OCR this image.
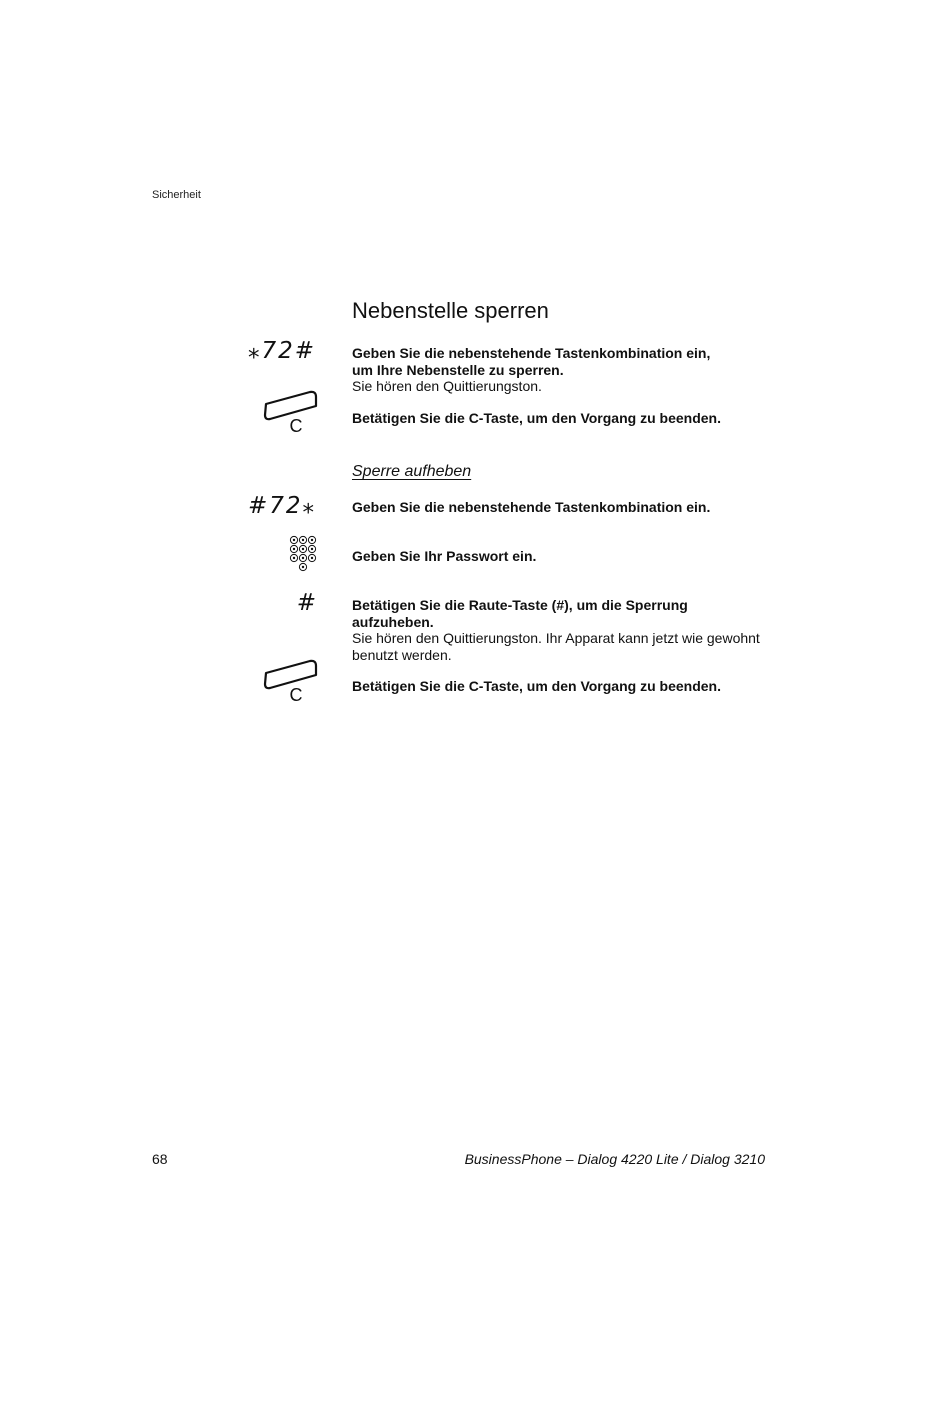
Sicherheit
Nebenstelle sperren
⁎72#	Geben Sie die nebenstehende Tastenkombination ein, um Ihre Nebenstelle zu sperren.
Sie hören den Quittierungston.
C	Betätigen Sie die C-Taste, um den Vorgang zu beenden.
Sperre aufheben
#72⁎	Geben Sie die nebenstehende Tastenkombination ein.
Geben Sie Ihr Passwort ein.
#	Betätigen Sie die Raute-Taste (#), um die Sperrung aufzuheben.
Sie hören den Quittierungston. Ihr Apparat kann jetzt wie gewohnt benutzt werden.
C	Betätigen Sie die C-Taste, um den Vorgang zu beenden.
68	BusinessPhone – Dialog 4220 Lite / Dialog 3210
